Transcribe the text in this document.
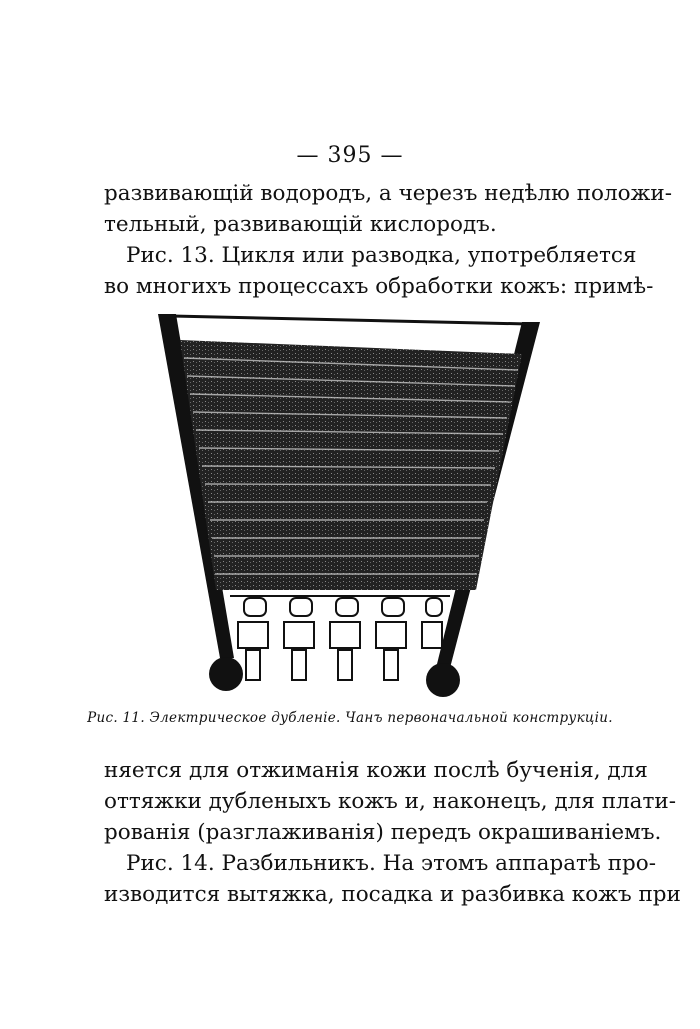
— 395 —
развивающій водородъ, а черезъ недѣлю положи-
тельный, развивающій кислородъ.
Рис. 13. Цикля или разводка, употребляется
во многихъ процессахъ обработки кожъ: примѣ-
Рис. 11. Электрическое дубленіе. Чанъ первоначальной конструкціи.
няется для отжиманія кожи послѣ бученія, для
оттяжки дубленыхъ кожъ и, наконецъ, для плати-
рованія (разглаживанія) передъ окрашиваніемъ.
Рис. 14. Разбильникъ. На этомъ аппаратѣ про-
изводится вытяжка, посадка и разбивка кожъ при
